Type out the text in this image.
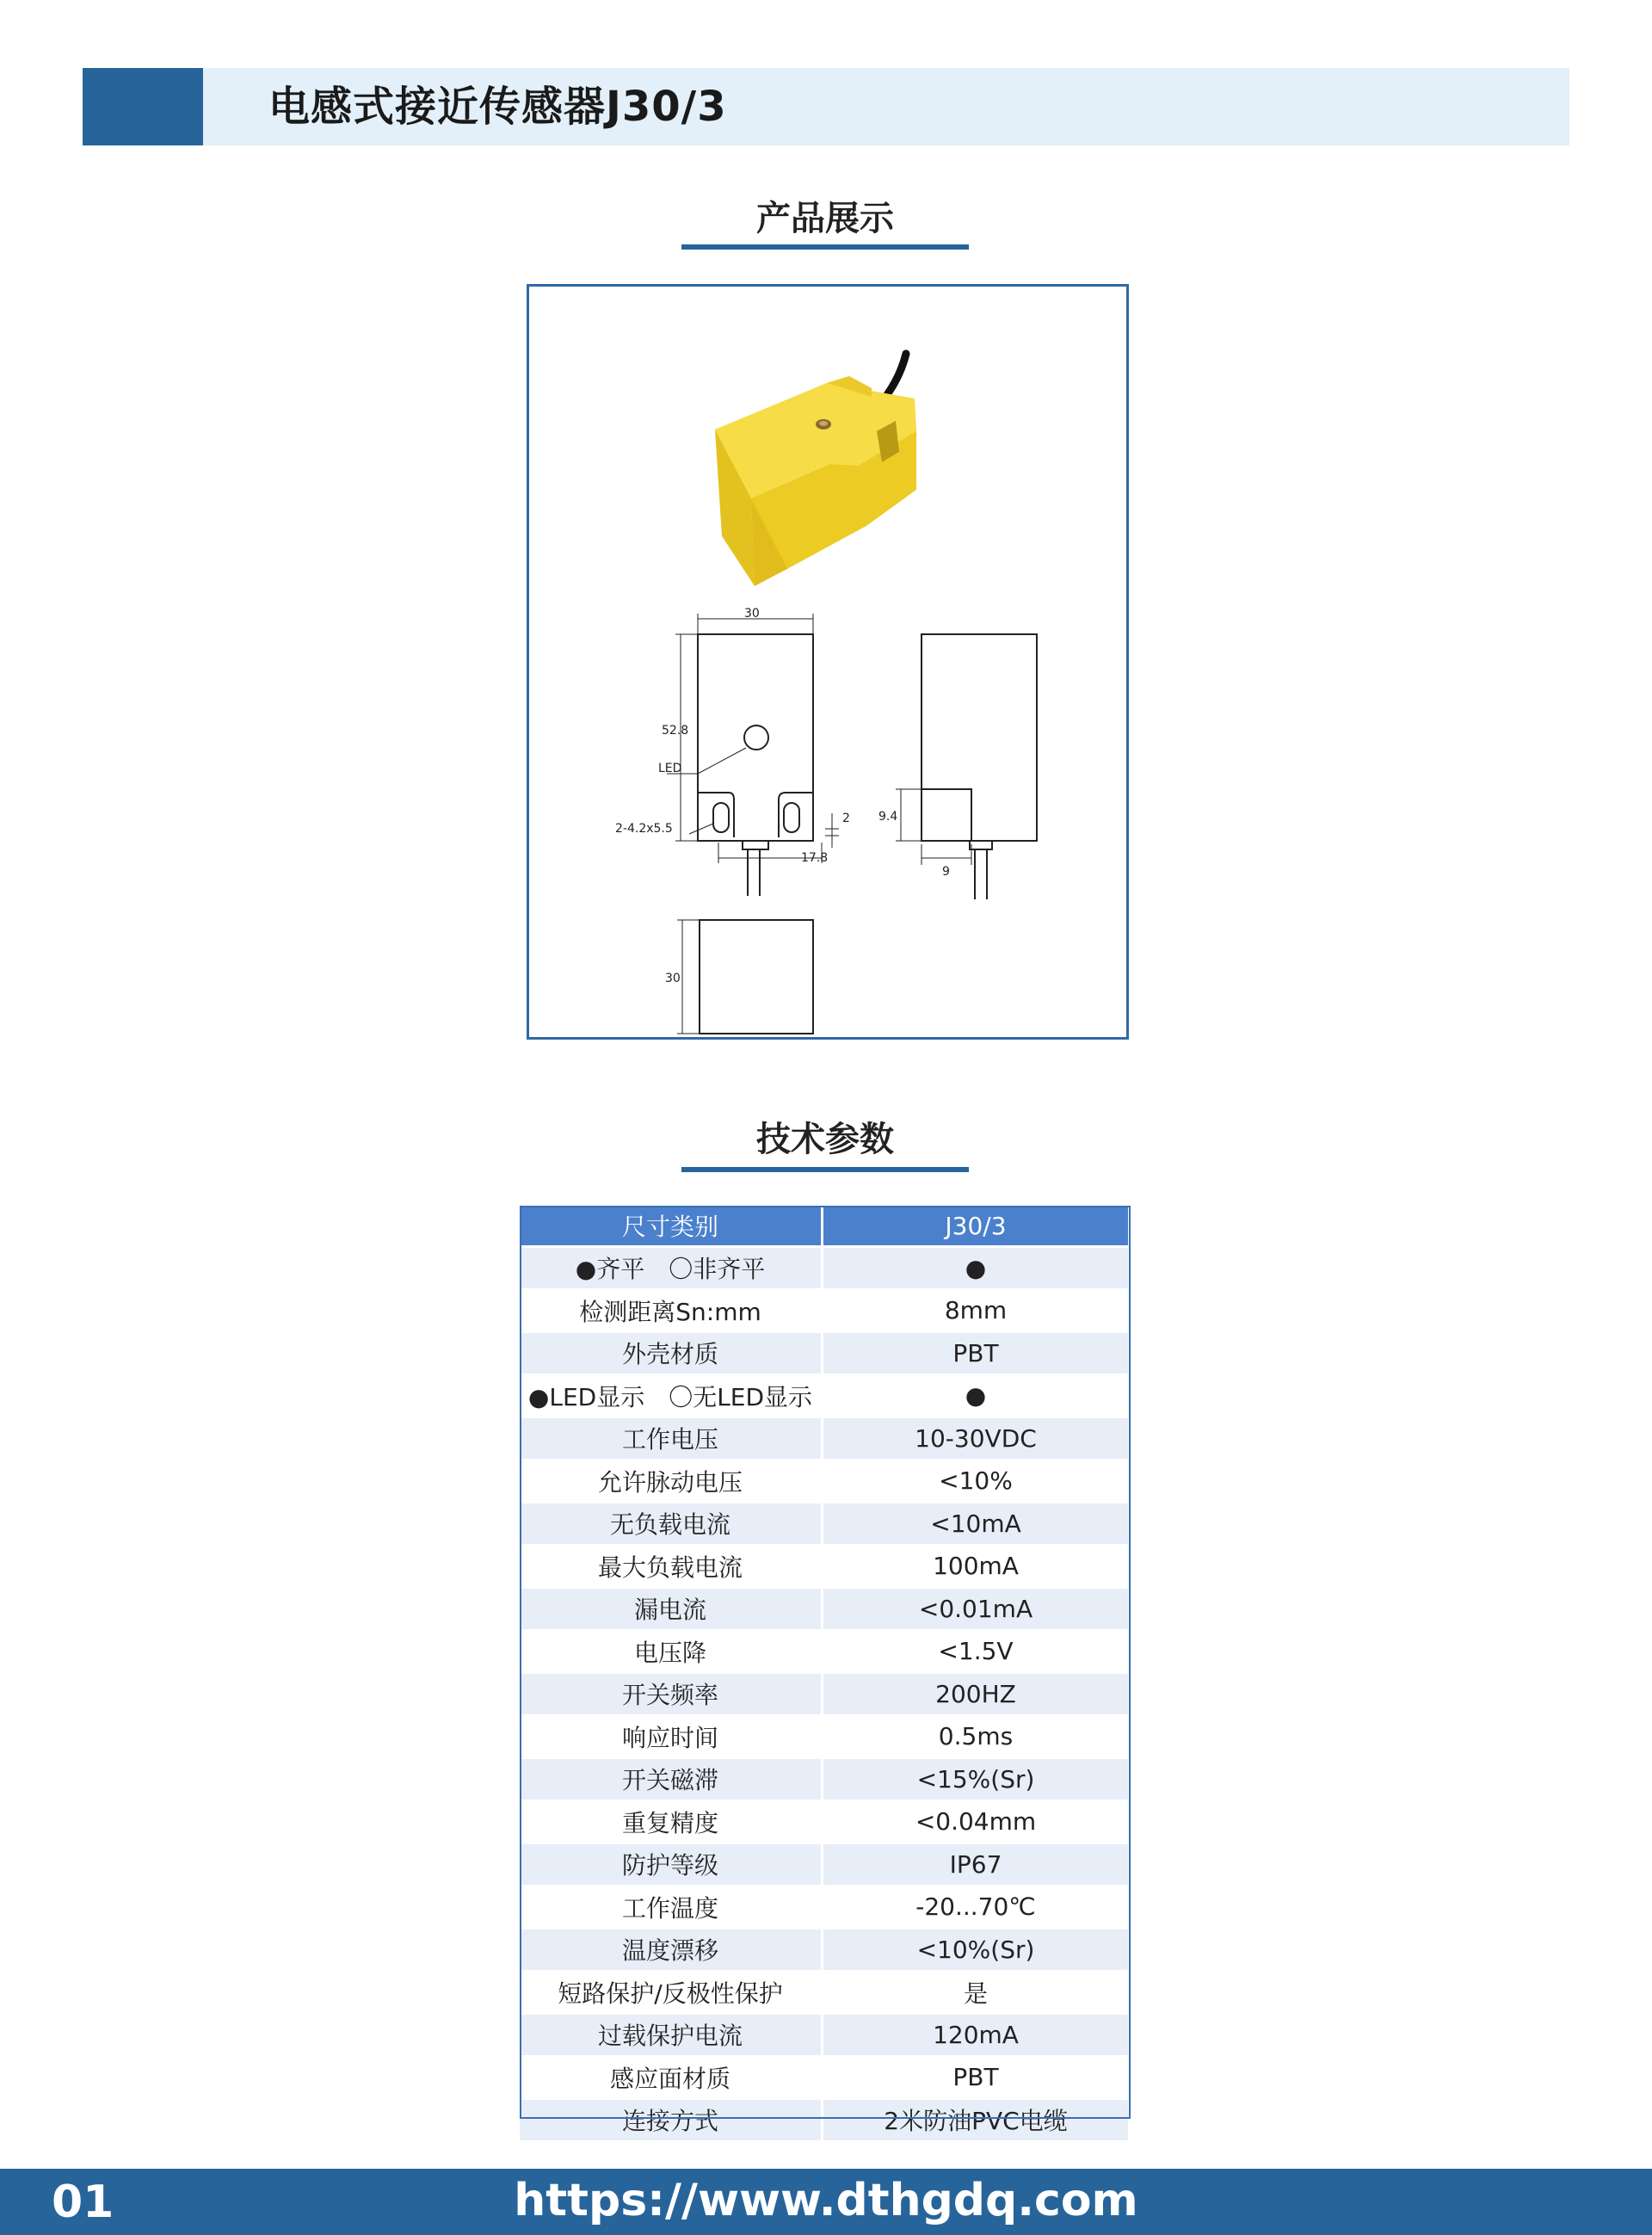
电感式接近传感器J30/3
产品展示
30
52.8
LED
2-4.2x5.5
2
17.8
9.4
9
30
技术参数
尺寸类别	J30/3
●齐平　〇非齐平	●
检测距离Sn:mm	8mm
外壳材质	PBT
●LED显示　〇无LED显示	●
工作电压	10-30VDC
允许脉动电压	<10%
无负载电流	<10mA
最大负载电流	100mA
漏电流	<0.01mA
电压降	<1.5V
开关频率	200HZ
响应时间	0.5ms
开关磁滞	<15%(Sr)
重复精度	<0.04mm
防护等级	IP67
工作温度	-20...70℃
温度漂移	<10%(Sr)
短路保护/反极性保护	是
过载保护电流	120mA
感应面材质	PBT
连接方式	2米防油PVC电缆
01	https://www.dthgdq.com
